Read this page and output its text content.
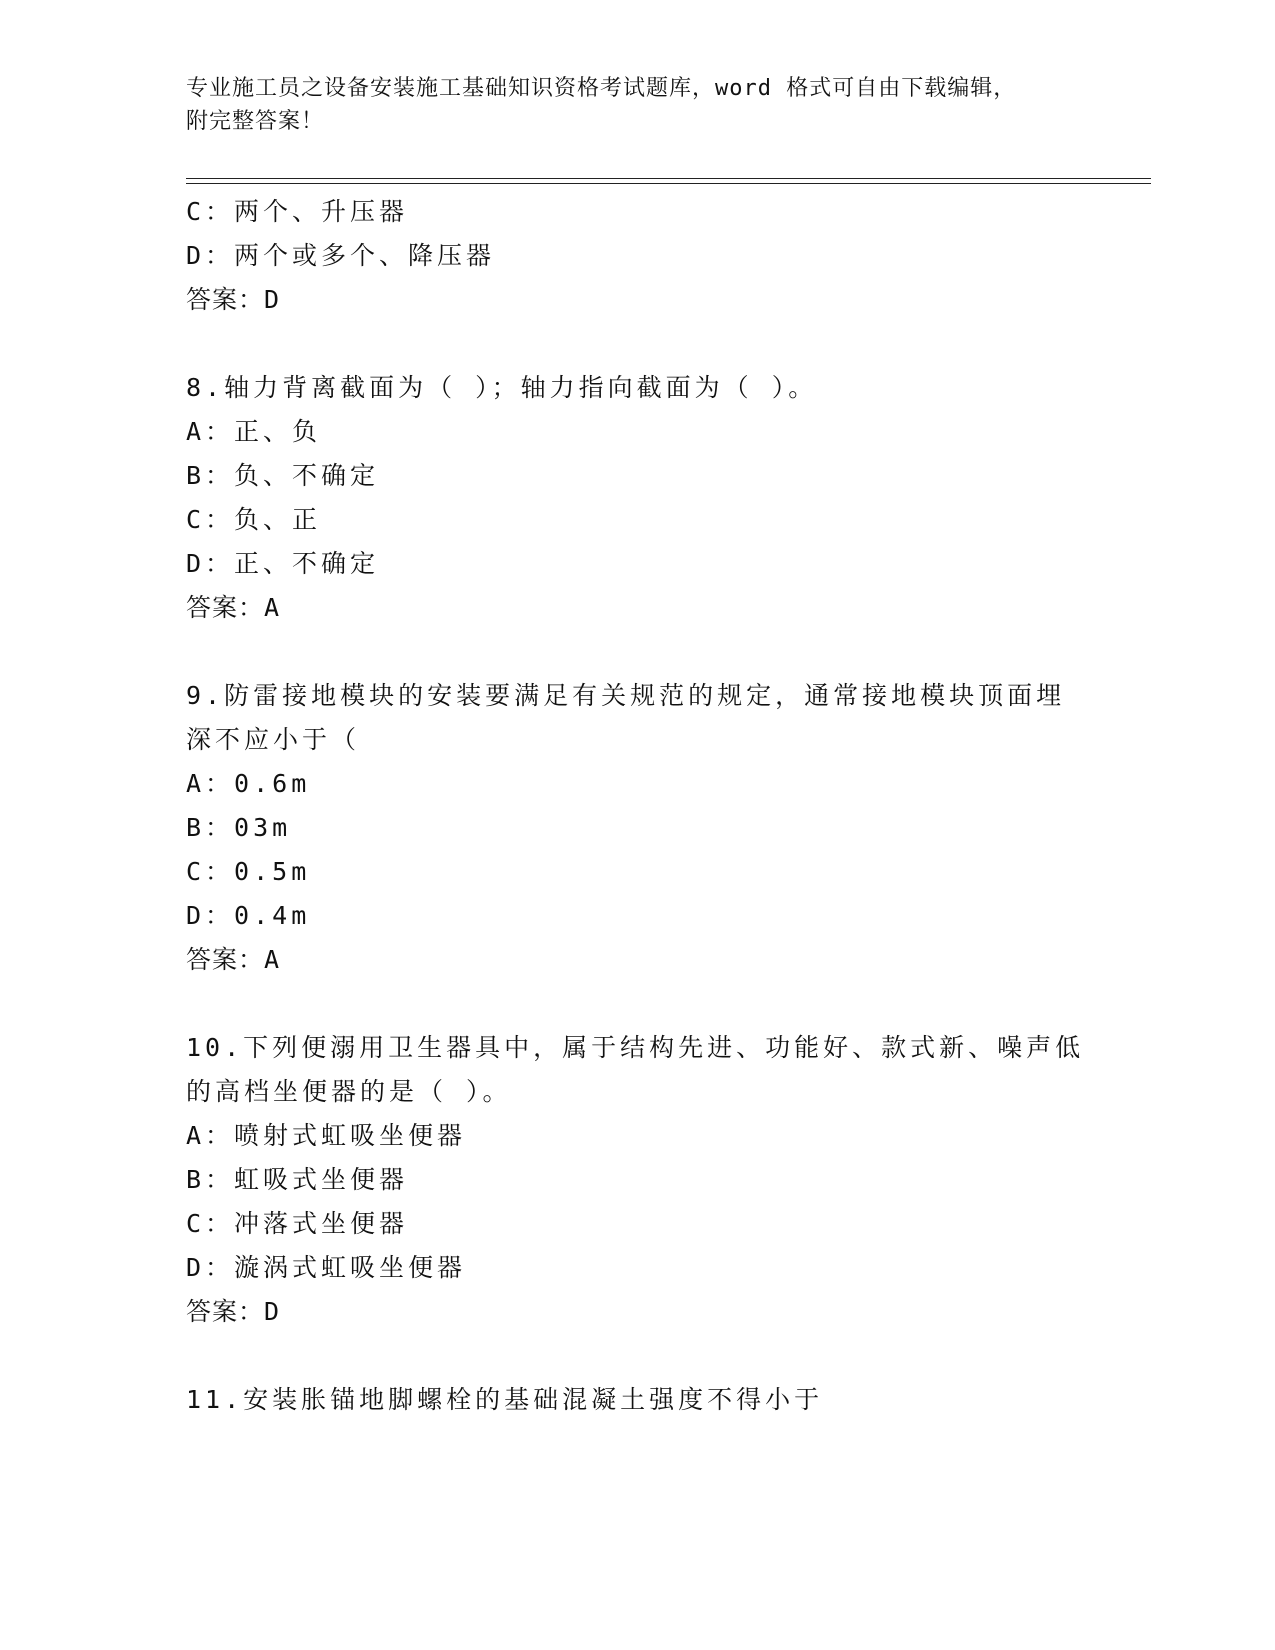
专业施工员之设备安装施工基础知识资格考试题库，word 格式可自由下载编辑，
附完整答案！
C：两个、升压器
D：两个或多个、降压器
答案：D
8.轴力背离截面为（ ）；轴力指向截面为（ ）。
A：正、负
B：负、不确定
C：负、正
D：正、不确定
答案：A
9.防雷接地模块的安装要满足有关规范的规定，通常接地模块顶面埋
深不应小于（
A：0.6m
B：03m
C：0.5m
D：0.4m
答案：A
10.下列便溺用卫生器具中，属于结构先进、功能好、款式新、噪声低
的高档坐便器的是（ ）。
A：喷射式虹吸坐便器
B：虹吸式坐便器
C：冲落式坐便器
D：漩涡式虹吸坐便器
答案：D
11.安装胀锚地脚螺栓的基础混凝土强度不得小于
